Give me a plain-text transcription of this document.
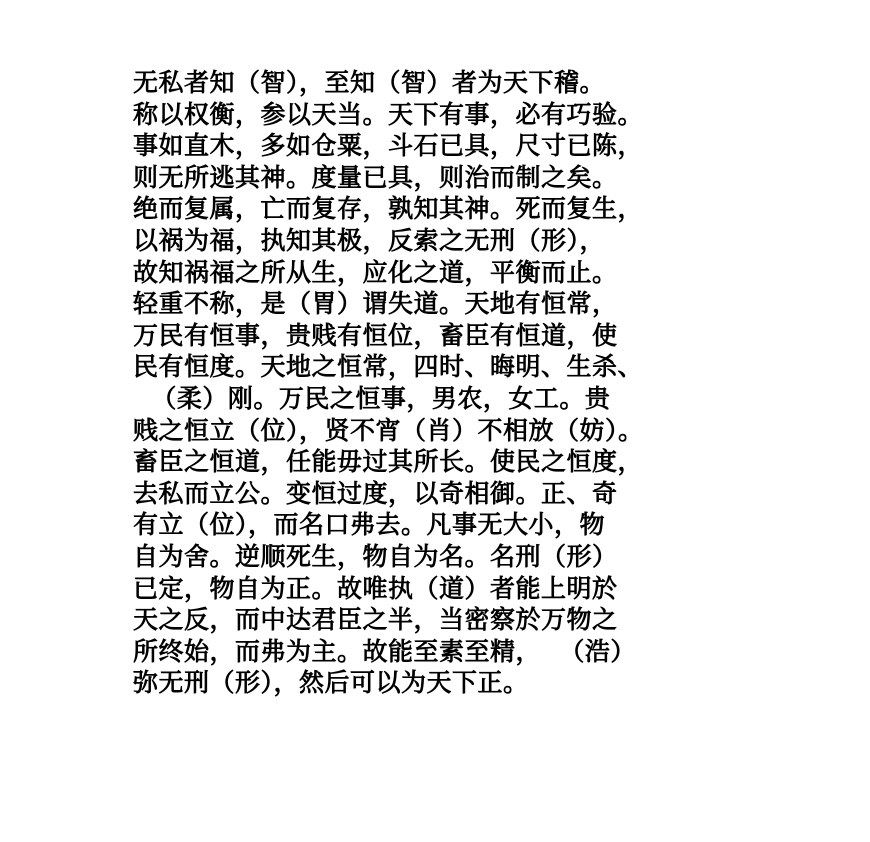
无私者知（智），至知（智）者为天下稽。
称以权衡，参以天当。天下有事，必有巧验。
事如直木，多如仓粟，斗石已具，尺寸已陈，
则无所逃其神。度量已具，则治而制之矣。
绝而复属，亡而复存，孰知其神。死而复生，
以祸为福，执知其极，反索之无刑（形），
故知祸福之所从生，应化之道，平衡而止。
轻重不称，是（胃）谓失道。天地有恒常，
万民有恒事，贵贱有恒位，畜臣有恒道，使
民有恒度。天地之恒常，四时、晦明、生杀、
（柔）刚。万民之恒事，男农，女工。贵
贱之恒立（位），贤不宵（肖）不相放（妨）。
畜臣之恒道，任能毋过其所长。使民之恒度，
去私而立公。变恒过度，以奇相御。正、奇
有立（位），而名口弗去。凡事无大小，物
自为舍。逆顺死生，物自为名。名刑（形）
已定，物自为正。故唯执（道）者能上明於
天之反，而中达君臣之半，当密察於万物之
所终始，而弗为主。故能至素至精，  （浩）
弥无刑（形），然后可以为天下正。
